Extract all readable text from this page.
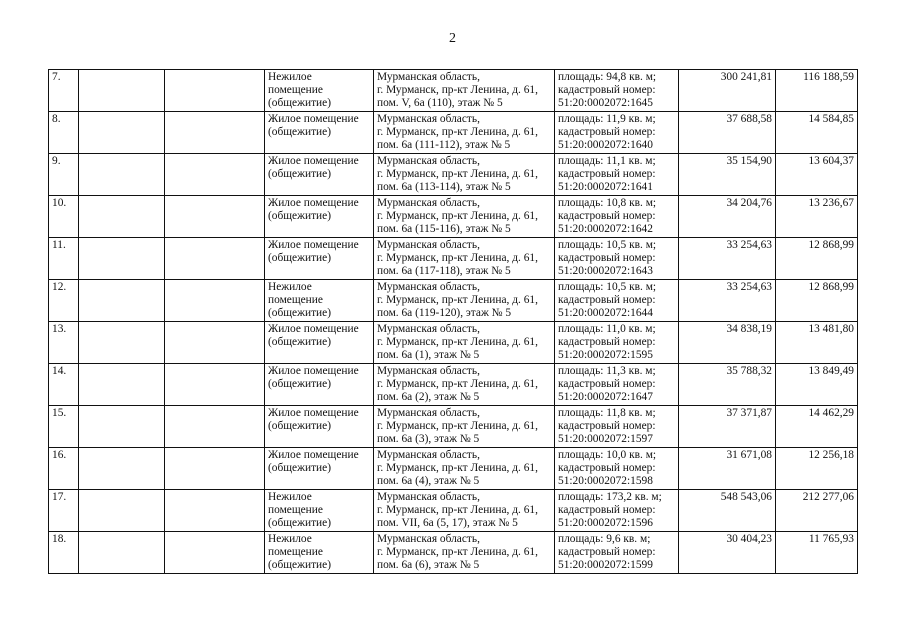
2
7.			Нежилое
помещение
(общежитие)	Мурманская область,
г. Мурманск, пр-кт Ленина, д. 61,
пом. V, 6а (110), этаж № 5	площадь: 94,8 кв. м;
кадастровый номер:
51:20:0002072:1645	300 241,81	116 188,59
8.			Жилое помещение
(общежитие)	Мурманская область,
г. Мурманск, пр-кт Ленина, д. 61,
пом. 6а (111-112), этаж № 5	площадь: 11,9 кв. м;
кадастровый номер:
51:20:0002072:1640	37 688,58	14 584,85
9.			Жилое помещение
(общежитие)	Мурманская область,
г. Мурманск, пр-кт Ленина, д. 61,
пом. 6а (113-114), этаж № 5	площадь: 11,1 кв. м;
кадастровый номер:
51:20:0002072:1641	35 154,90	13 604,37
10.			Жилое помещение
(общежитие)	Мурманская область,
г. Мурманск, пр-кт Ленина, д. 61,
пом. 6а (115-116), этаж № 5	площадь: 10,8 кв. м;
кадастровый номер:
51:20:0002072:1642	34 204,76	13 236,67
11.			Жилое помещение
(общежитие)	Мурманская область,
г. Мурманск, пр-кт Ленина, д. 61,
пом. 6а (117-118), этаж № 5	площадь: 10,5 кв. м;
кадастровый номер:
51:20:0002072:1643	33 254,63	12 868,99
12.			Нежилое
помещение
(общежитие)	Мурманская область,
г. Мурманск, пр-кт Ленина, д. 61,
пом. 6а (119-120), этаж № 5	площадь: 10,5 кв. м;
кадастровый номер:
51:20:0002072:1644	33 254,63	12 868,99
13.			Жилое помещение
(общежитие)	Мурманская область,
г. Мурманск, пр-кт Ленина, д. 61,
пом. 6а (1), этаж № 5	площадь: 11,0 кв. м;
кадастровый номер:
51:20:0002072:1595	34 838,19	13 481,80
14.			Жилое помещение
(общежитие)	Мурманская область,
г. Мурманск, пр-кт Ленина, д. 61,
пом. 6а (2), этаж № 5	площадь: 11,3 кв. м;
кадастровый номер:
51:20:0002072:1647	35 788,32	13 849,49
15.			Жилое помещение
(общежитие)	Мурманская область,
г. Мурманск, пр-кт Ленина, д. 61,
пом. 6а (3), этаж № 5	площадь: 11,8 кв. м;
кадастровый номер:
51:20:0002072:1597	37 371,87	14 462,29
16.			Жилое помещение
(общежитие)	Мурманская область,
г. Мурманск, пр-кт Ленина, д. 61,
пом. 6а (4), этаж № 5	площадь: 10,0 кв. м;
кадастровый номер:
51:20:0002072:1598	31 671,08	12 256,18
17.			Нежилое
помещение
(общежитие)	Мурманская область,
г. Мурманск, пр-кт Ленина, д. 61,
пом. VII, 6а (5, 17), этаж № 5	площадь: 173,2 кв. м;
кадастровый номер:
51:20:0002072:1596	548 543,06	212 277,06
18.			Нежилое
помещение
(общежитие)	Мурманская область,
г. Мурманск, пр-кт Ленина, д. 61,
пом. 6а (6), этаж № 5	площадь: 9,6 кв. м;
кадастровый номер:
51:20:0002072:1599	30 404,23	11 765,93
